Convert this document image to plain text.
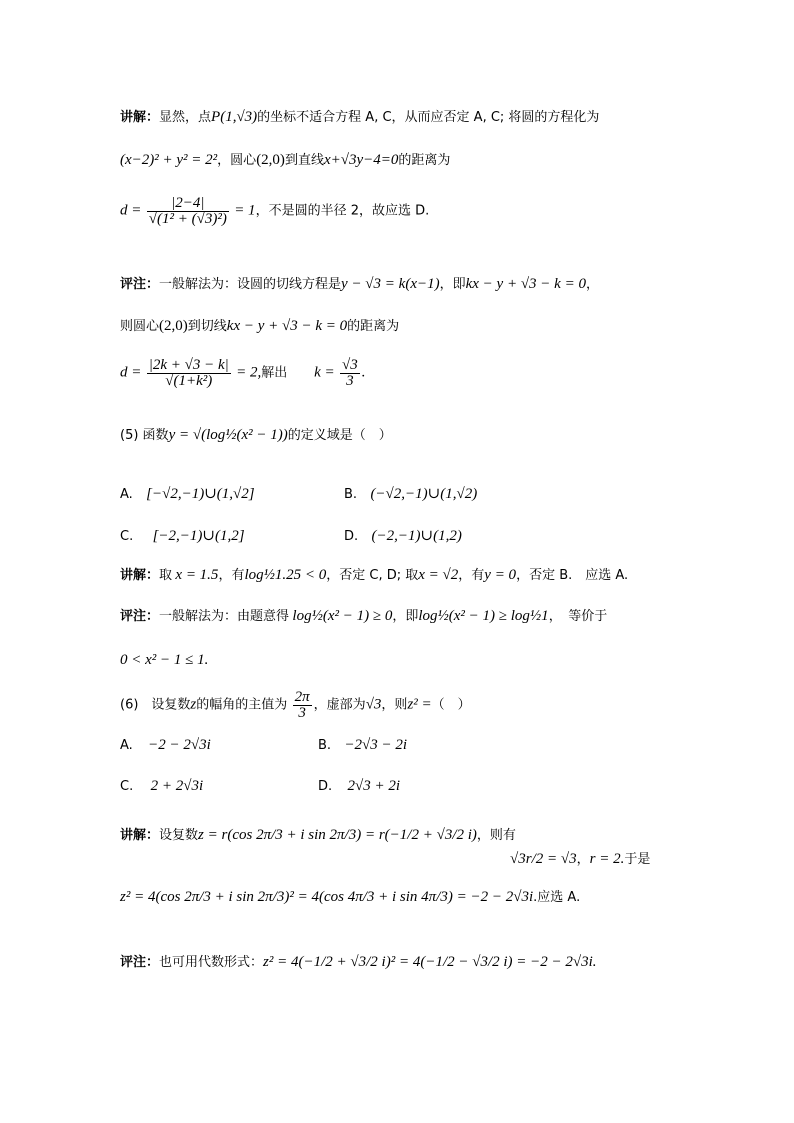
讲解：显然，点P(1,√3)的坐标不适合方程 A, C，从而应否定 A, C; 将圆的方程化为
(x−2)² + y² = 2²，圆心(2,0)到直线x+√3y−4=0的距离为
$d = \frac{|2-4|}{\text{√(1² + (√3)²)}} = 1$，不是圆的半径 2，故应选 D.
评注：一般解法为：设圆的切线方程是y − √3 = k(x−1)，即kx − y + √3 − k = 0，
则圆心(2,0)到切线kx − y + √3 − k = 0的距离为
$d = \frac{|2k + √3 - k|}{\text{√(1+k²)}} = 2$,解出 $k = \frac{√3}{3}$ .
(5) 函数y = √(log½(x² − 1))的定义域是（　）
A. [−√2,−1)∪(1,√2]	B. (−√2,−1)∪(1,√2)
C. [−2,−1)∪(1,2]	D. (−2,−1)∪(1,2)
讲解：取 x = 1.5，有log½1.25 < 0，否定 C, D; 取x = √2，有y = 0，否定 B.　应选 A.
评注：一般解法为：由题意得 log½(x² − 1) ≥ 0，即log½(x² − 1) ≥ log½1，　等价于
0 < x² − 1 ≤ 1.
(6)　设复数z的幅角的主值为 $\frac{2\pi}{3}$ ，虚部为√3，则z² =（　）
A. −2 − 2√3i	B. −2√3 − 2i
C. 2 + 2√3i	D. 2√3 + 2i
讲解：设复数z = r(cos 2π/3 + i sin 2π/3) = r(−1/2 + √3/2 i)，则有
√3r/2 = √3，r = 2.于是
z² = 4(cos 2π/3 + i sin 2π/3)² = 4(cos 4π/3 + i sin 4π/3) = −2 − 2√3i.应选 A.
评注：也可用代数形式：z² = 4(−1/2 + √3/2 i)² = 4(−1/2 − √3/2 i) = −2 − 2√3i.
